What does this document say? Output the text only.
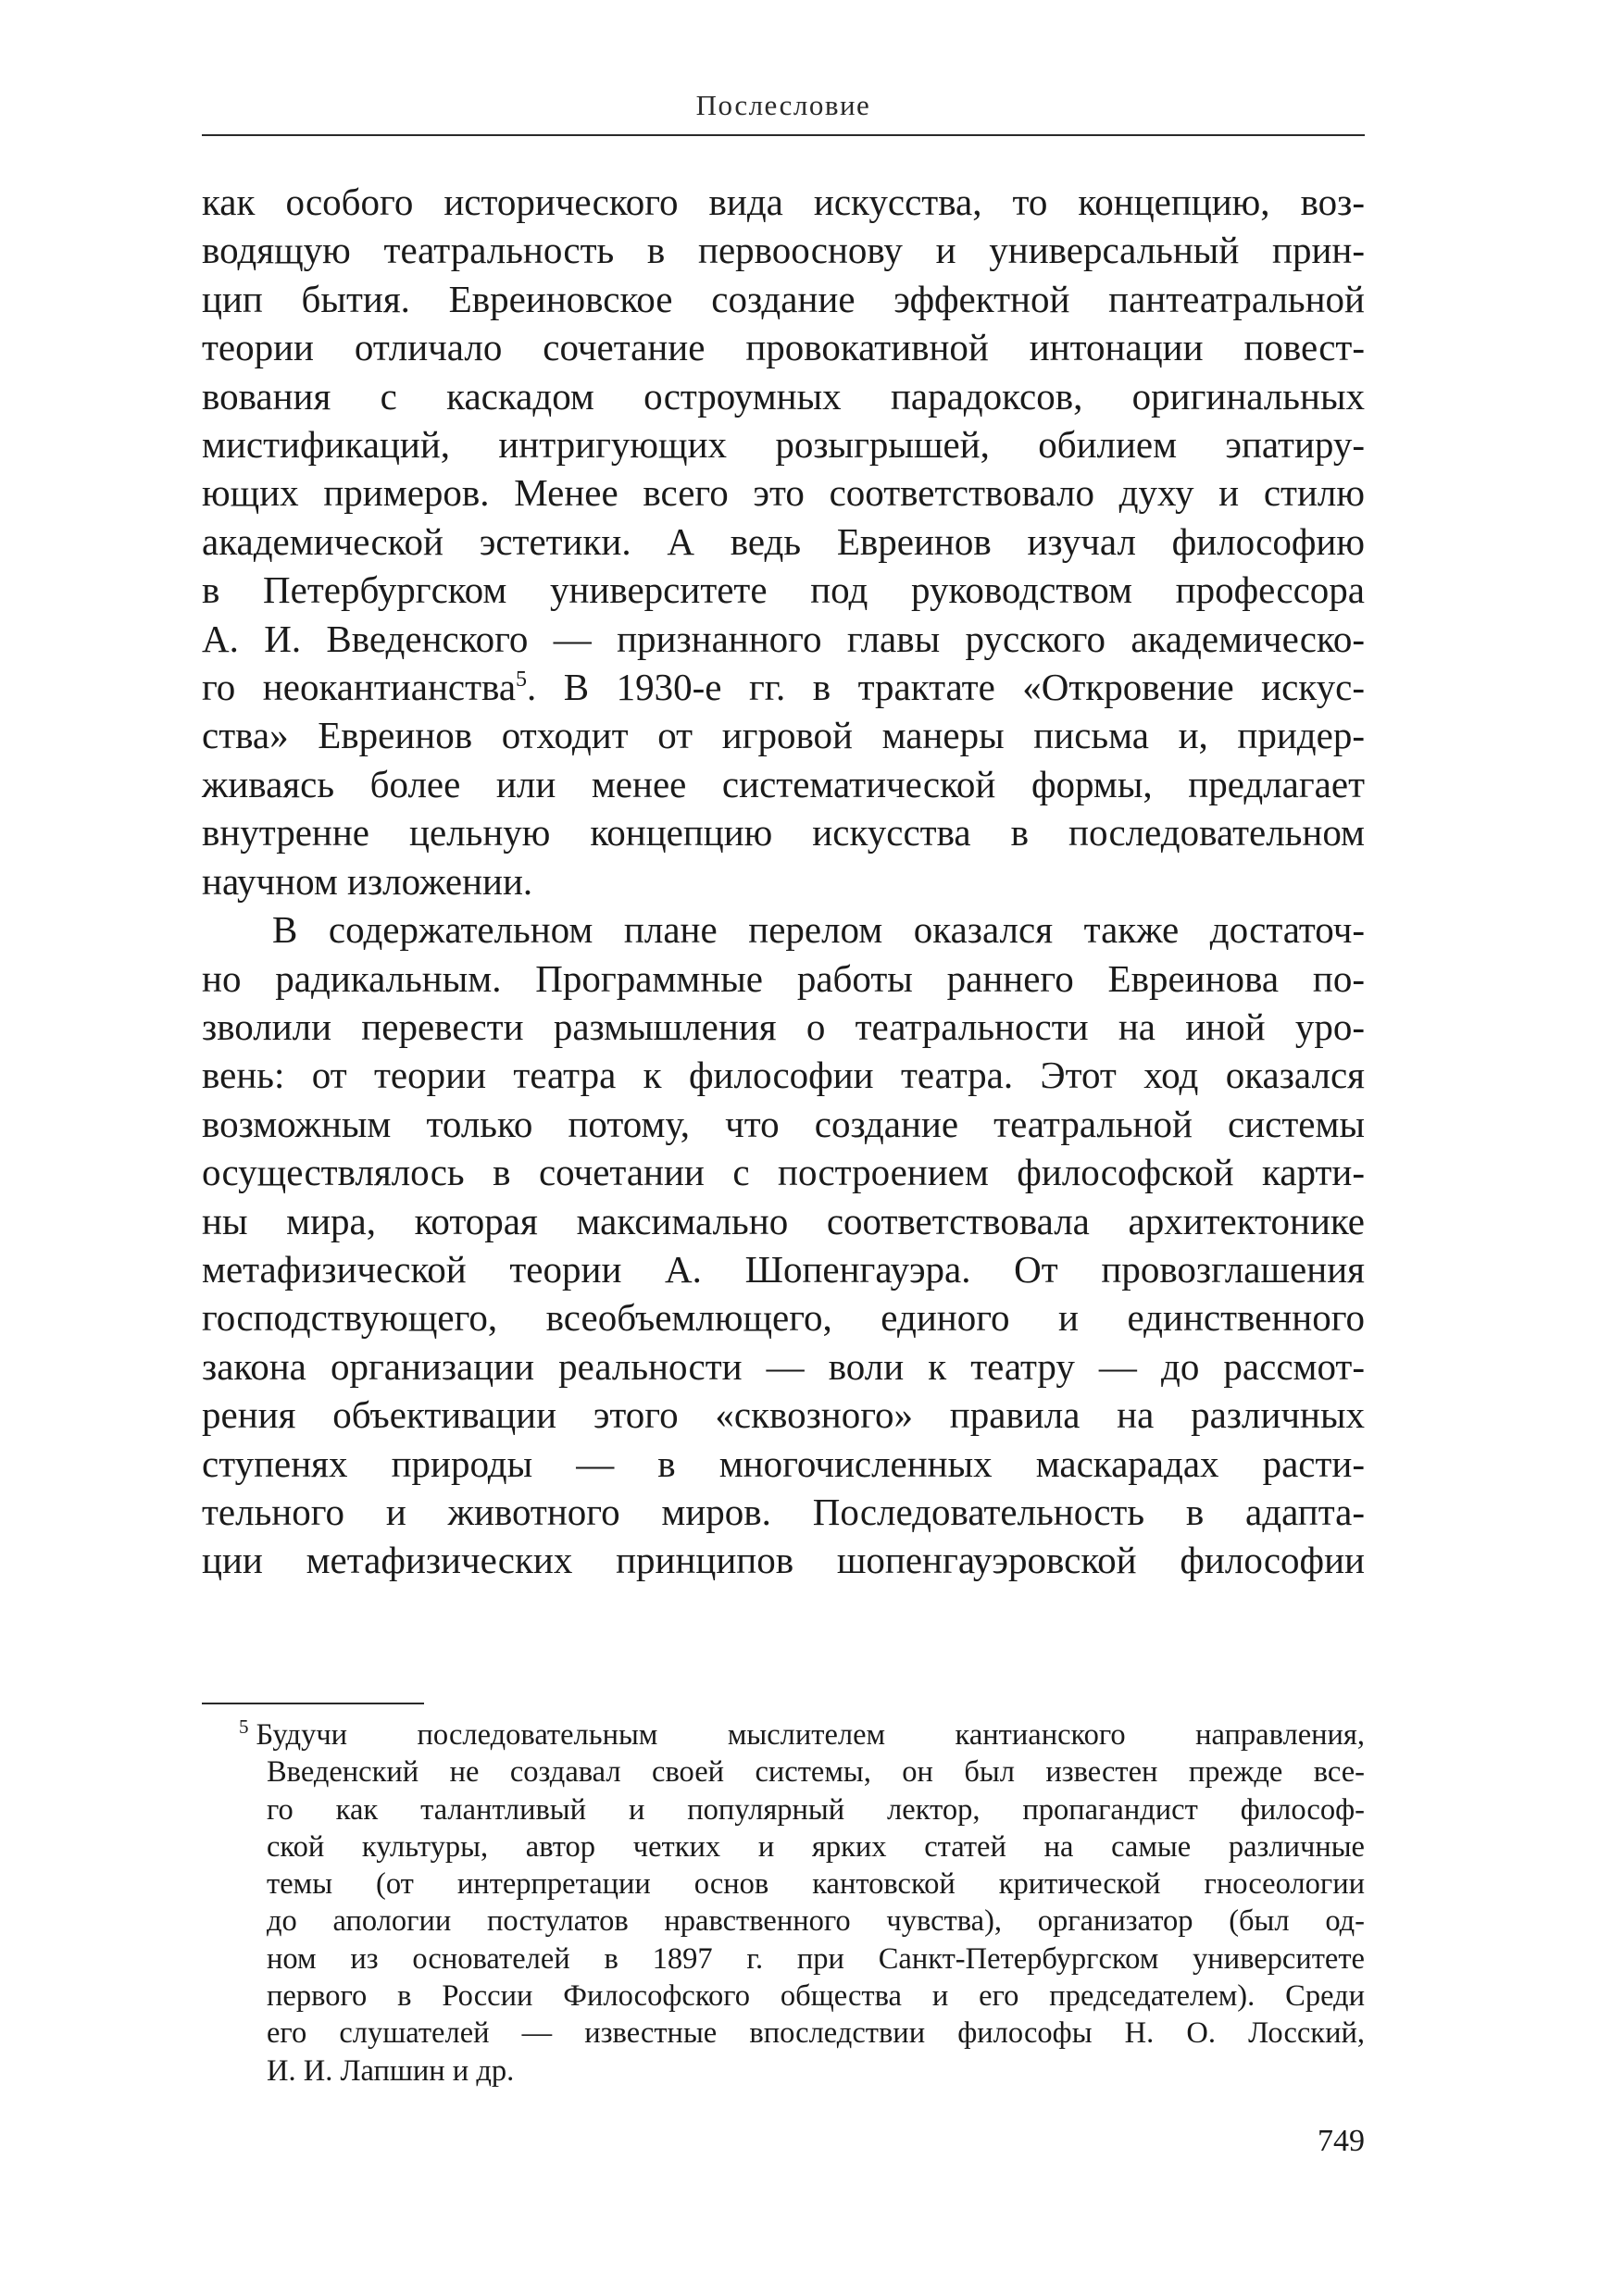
Послесловие
как особого исторического вида искусства, то концепцию, воз-
водящую театральность в первооснову и универсальный прин-
цип бытия. Евреиновское создание эффектной пантеатральной
теории отличало сочетание провокативной интонации повест-
вования с каскадом остроумных парадоксов, оригинальных
мистификаций, интригующих розыгрышей, обилием эпатиру-
ющих примеров. Менее всего это соответствовало духу и стилю
академической эстетики. А ведь Евреинов изучал философию
в Петербургском университете под руководством профессора
А. И. Введенского — признанного главы русского академическо-
го неокантианства$^5$. В 1930-е гг. в трактате «Откровение искус-
ства» Евреинов отходит от игровой манеры письма и, придер-
живаясь более или менее систематической формы, предлагает
внутренне цельную концепцию искусства в последовательном
научном изложении.
В содержательном плане перелом оказался также достаточ-
но радикальным. Программные работы раннего Евреинова по-
зволили перевести размышления о театральности на иной уро-
вень: от теории театра к философии театра. Этот ход оказался
возможным только потому, что создание театральной системы
осуществлялось в сочетании с построением философской карти-
ны мира, которая максимально соответствовала архитектонике
метафизической теории А. Шопенгауэра. От провозглашения
господствующего, всеобъемлющего, единого и единственного
закона организации реальности — воли к театру — до рассмот-
рения объективации этого «сквозного» правила на различных
ступенях природы — в многочисленных маскарадах расти-
тельного и животного миров. Последовательность в адапта-
ции метафизических принципов шопенгауэровской философии
$^5$ Будучи последовательным мыслителем кантианского направления,
Введенский не создавал своей системы, он был известен прежде все-
го как талантливый и популярный лектор, пропагандист философ-
ской культуры, автор четких и ярких статей на самые различные
темы (от интерпретации основ кантовской критической гносеологии
до апологии постулатов нравственного чувства), организатор (был од-
ном из основателей в 1897 г. при Санкт-Петербургском университете
первого в России Философского общества и его председателем). Среди
его слушателей — известные впоследствии философы Н. О. Лосский,
И. И. Лапшин и др.
749
